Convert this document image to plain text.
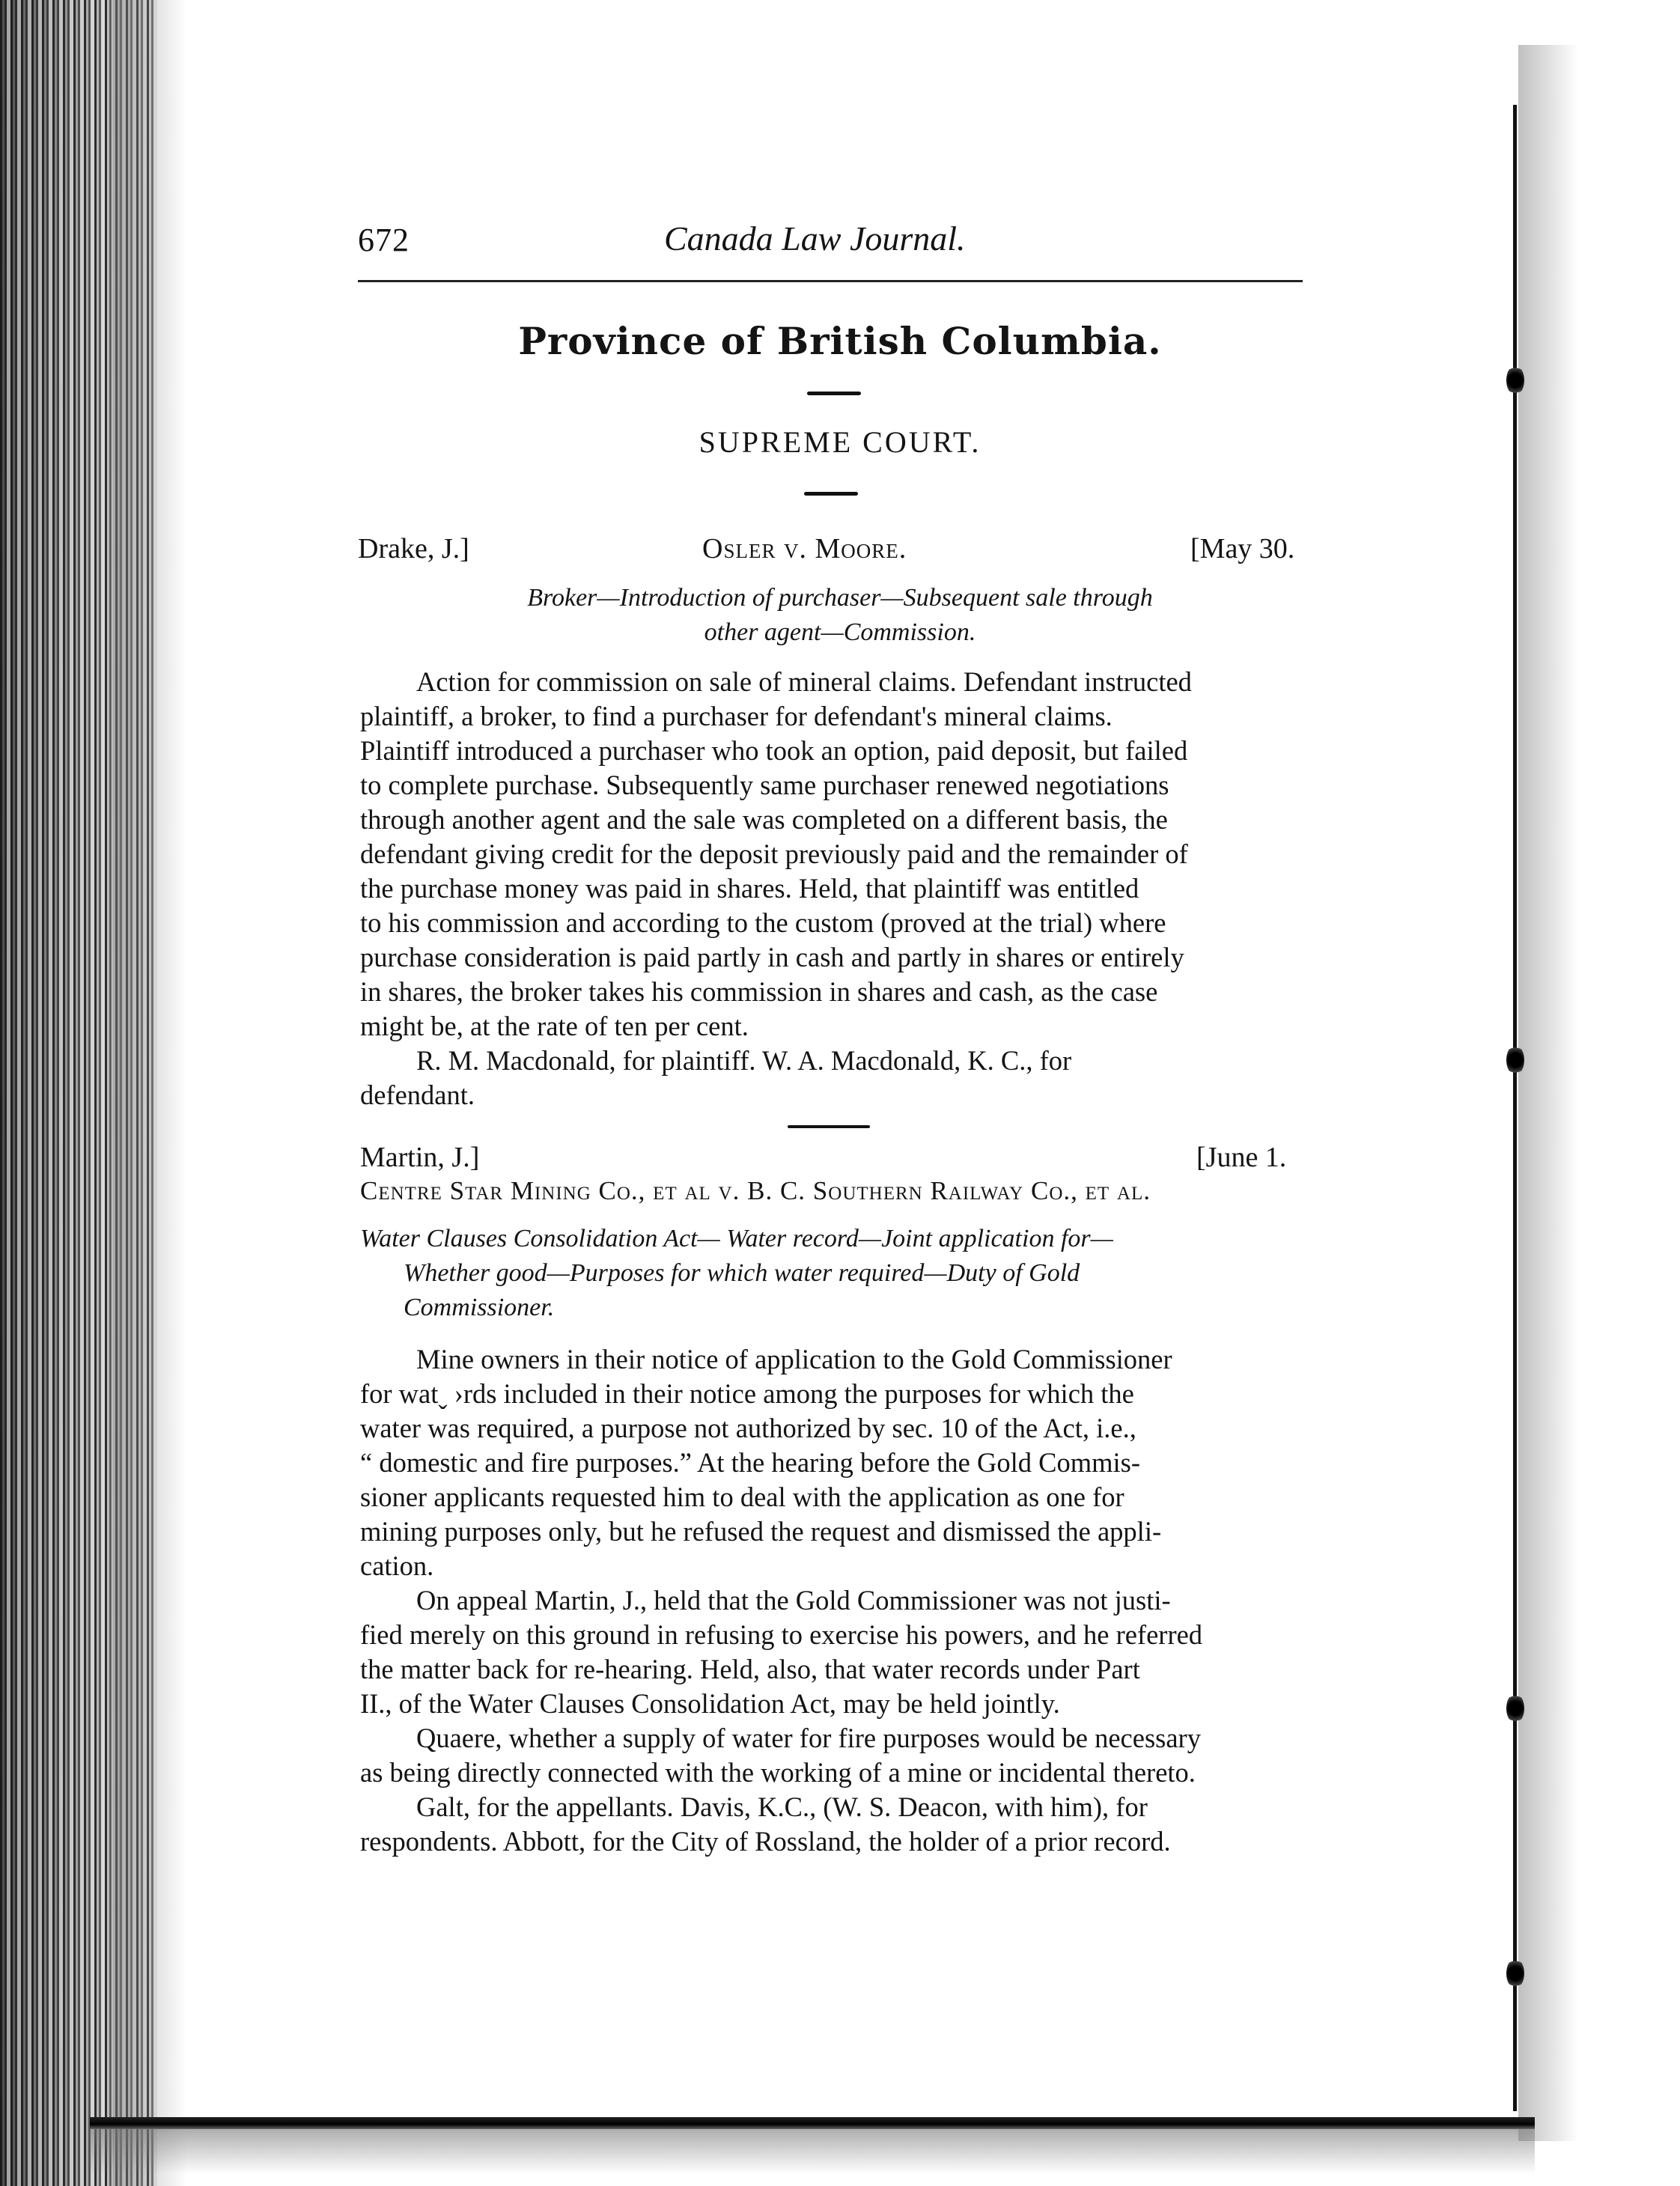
672	Canada Law Journal.
Province of British Columbia.
SUPREME COURT.
Drake, J.]	Osler v. Moore.	[May 30.
Broker—Introduction of purchaser—Subsequent sale through
other agent—Commission.
Action for commission on sale of mineral claims. Defendant instructed
plaintiff, a broker, to find a purchaser for defendant's mineral claims.
Plaintiff introduced a purchaser who took an option, paid deposit, but failed
to complete purchase. Subsequently same purchaser renewed negotiations
through another agent and the sale was completed on a different basis, the
defendant giving credit for the deposit previously paid and the remainder of
the purchase money was paid in shares. Held, that plaintiff was entitled
to his commission and according to the custom (proved at the trial) where
purchase consideration is paid partly in cash and partly in shares or entirely
in shares, the broker takes his commission in shares and cash, as the case
might be, at the rate of ten per cent.
R. M. Macdonald, for plaintiff. W. A. Macdonald, K. C., for
defendant.
Martin, J.]	[June 1.
Centre Star Mining Co., et al v. B. C. Southern Railway Co., et al.
Water Clauses Consolidation Act— Water record—Joint application for—
Whether good—Purposes for which water required—Duty of Gold
Commissioner.
Mine owners in their notice of application to the Gold Commissioner
for watˬ ›rds included in their notice among the purposes for which the
water was required, a purpose not authorized by sec. 10 of the Act, i.e.,
“ domestic and fire purposes.” At the hearing before the Gold Commis-
sioner applicants requested him to deal with the application as one for
mining purposes only, but he refused the request and dismissed the appli-
cation.
On appeal Martin, J., held that the Gold Commissioner was not justi-
fied merely on this ground in refusing to exercise his powers, and he referred
the matter back for re-hearing. Held, also, that water records under Part
II., of the Water Clauses Consolidation Act, may be held jointly.
Quaere, whether a supply of water for fire purposes would be necessary
as being directly connected with the working of a mine or incidental thereto.
Galt, for the appellants. Davis, K.C., (W. S. Deacon, with him), for
respondents. Abbott, for the City of Rossland, the holder of a prior record.
